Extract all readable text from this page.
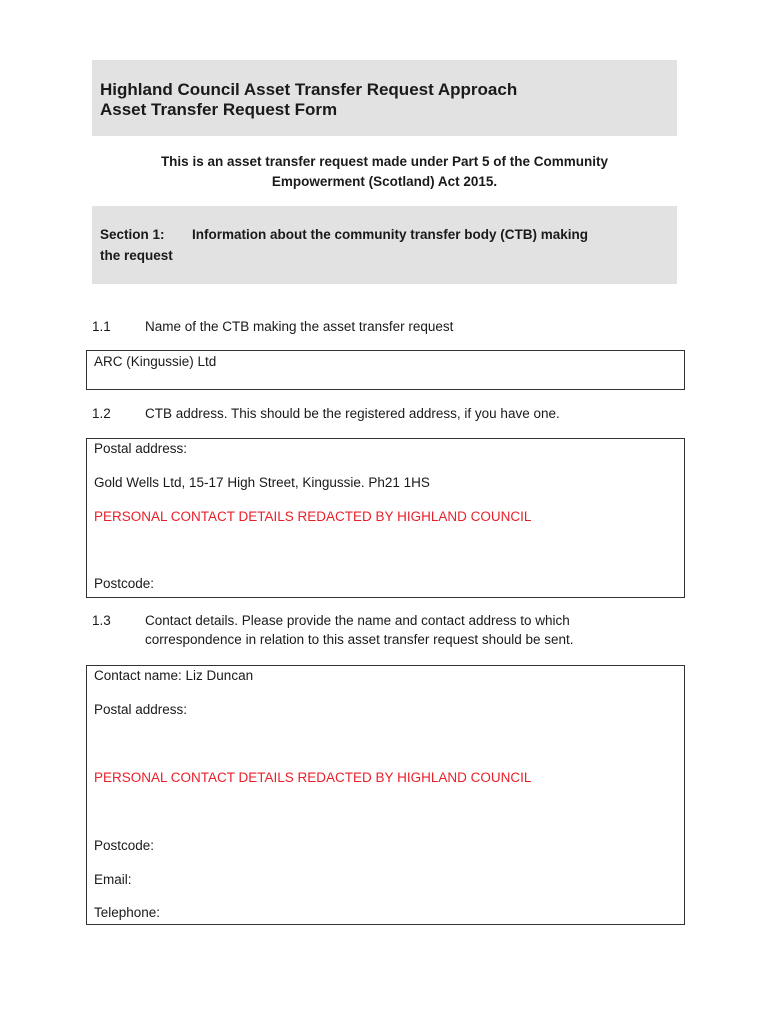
Highland Council Asset Transfer Request Approach
Asset Transfer Request Form
This is an asset transfer request made under Part 5 of the Community
Empowerment (Scotland) Act 2015.
Section 1: Information about the community transfer body (CTB) making
the request
1.1	Name of the CTB making the asset transfer request
ARC (Kingussie) Ltd
1.2	CTB address. This should be the registered address, if you have one.
Postal address:
Gold Wells Ltd, 15-17 High Street, Kingussie. Ph21 1HS
PERSONAL CONTACT DETAILS REDACTED BY HIGHLAND COUNCIL
Postcode:
1.3	Contact details. Please provide the name and contact address to which
correspondence in relation to this asset transfer request should be sent.
Contact name: Liz Duncan
Postal address:
PERSONAL CONTACT DETAILS REDACTED BY HIGHLAND COUNCIL
Postcode:
Email:
Telephone:
